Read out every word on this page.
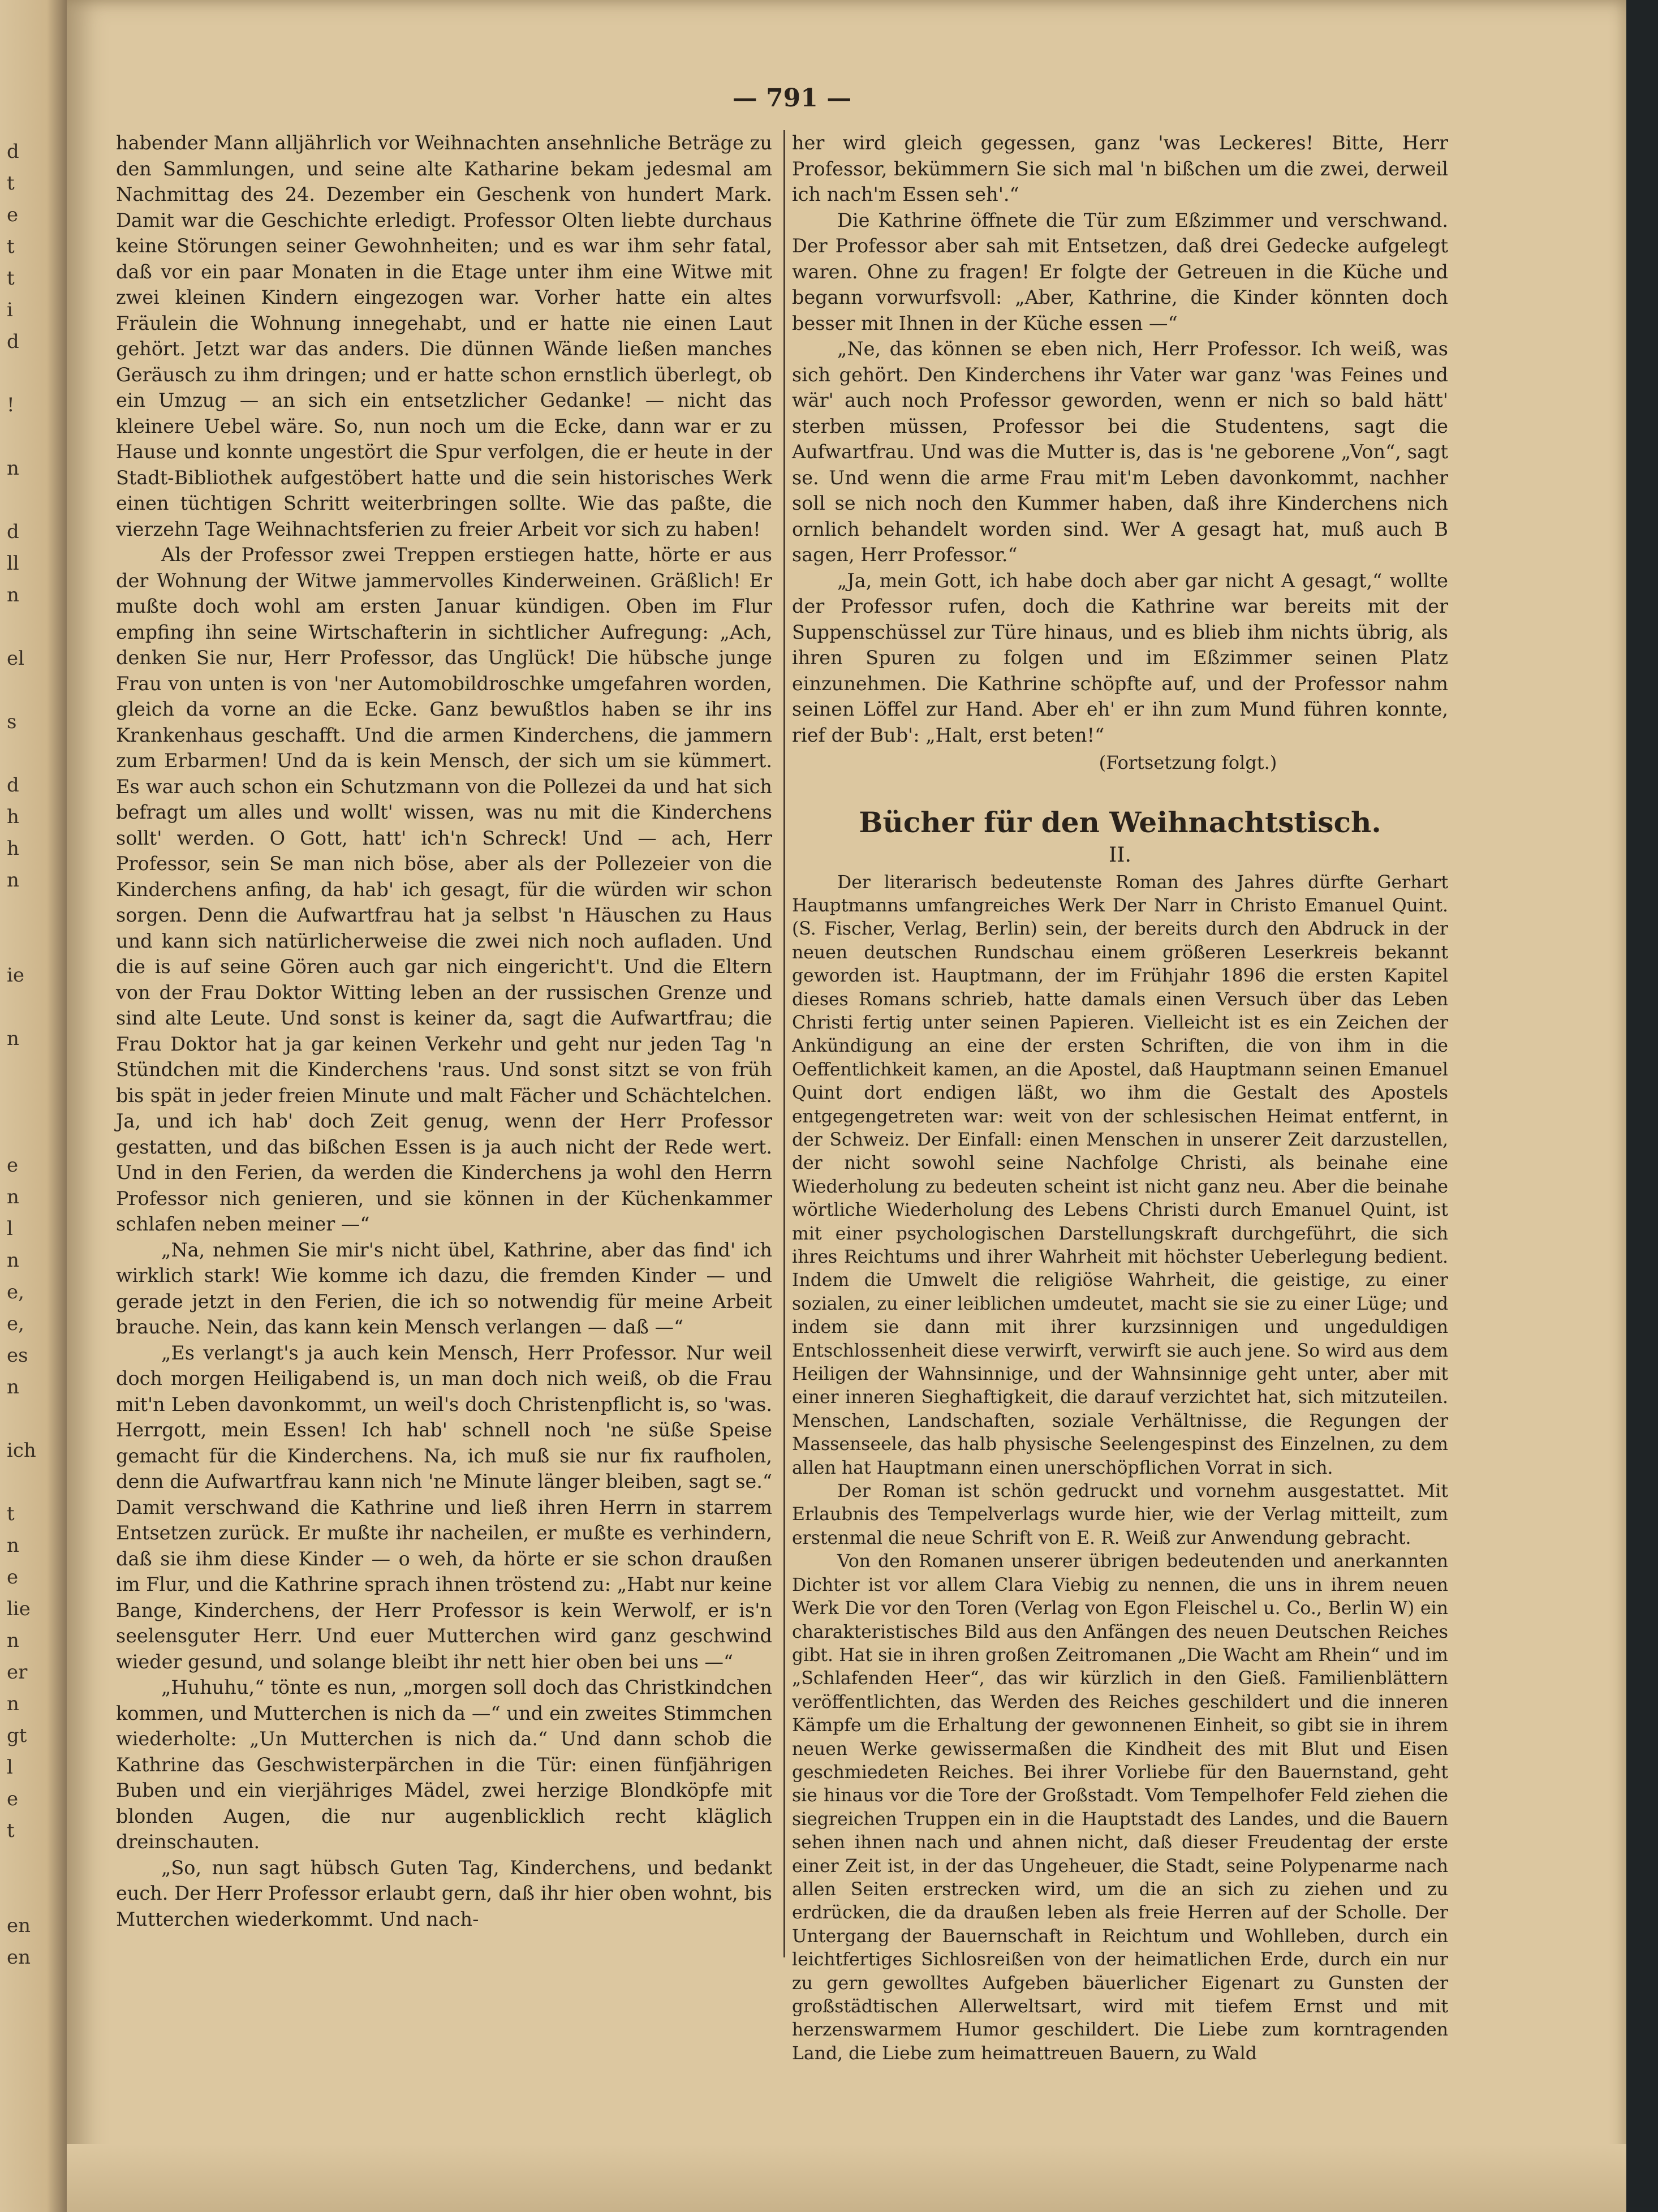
d
t
e
t
t
i
d

!

n

d
ll
n

el

s

d
h
h
n

ie

n

e
n
l
n
e,
e,
es
n

ich

t
n
e
lie
n
er
n
gt
l
e
t

en
en
— 791 —

habender Mann alljährlich vor Weihnachten ansehnliche Beträge zu den Sammlungen, und seine alte Katharine bekam jedesmal am Nachmittag des 24. Dezember ein Geschenk von hundert Mark. Damit war die Geschichte erledigt. Professor Olten liebte durchaus keine Störungen seiner Gewohnheiten; und es war ihm sehr fatal, daß vor ein paar Monaten in die Etage unter ihm eine Witwe mit zwei kleinen Kindern eingezogen war. Vorher hatte ein altes Fräulein die Wohnung innegehabt, und er hatte nie einen Laut gehört. Jetzt war das anders. Die dünnen Wände ließen manches Geräusch zu ihm dringen; und er hatte schon ernstlich überlegt, ob ein Umzug — an sich ein entsetzlicher Gedanke! — nicht das kleinere Uebel wäre. So, nun noch um die Ecke, dann war er zu Hause und konnte ungestört die Spur verfolgen, die er heute in der Stadt-Bibliothek aufgestöbert hatte und die sein historisches Werk einen tüchtigen Schritt weiterbringen sollte. Wie das paßte, die vierzehn Tage Weihnachtsferien zu freier Arbeit vor sich zu haben!

Als der Professor zwei Treppen erstiegen hatte, hörte er aus der Wohnung der Witwe jammervolles Kinderweinen. Gräßlich! Er mußte doch wohl am ersten Januar kündigen. Oben im Flur empfing ihn seine Wirtschafterin in sichtlicher Aufregung: „Ach, denken Sie nur, Herr Professor, das Unglück! Die hübsche junge Frau von unten is von 'ner Automobildroschke umgefahren worden, gleich da vorne an die Ecke. Ganz bewußtlos haben se ihr ins Krankenhaus geschafft. Und die armen Kinderchens, die jammern zum Erbarmen! Und da is kein Mensch, der sich um sie kümmert. Es war auch schon ein Schutzmann von die Pollezei da und hat sich befragt um alles und wollt' wissen, was nu mit die Kinderchens sollt' werden. O Gott, hatt' ich'n Schreck! Und — ach, Herr Professor, sein Se man nich böse, aber als der Pollezeier von die Kinderchens anfing, da hab' ich gesagt, für die würden wir schon sorgen. Denn die Aufwartfrau hat ja selbst 'n Häuschen zu Haus und kann sich natürlicherweise die zwei nich noch aufladen. Und die is auf seine Gören auch gar nich eingericht't. Und die Eltern von der Frau Doktor Witting leben an der russischen Grenze und sind alte Leute. Und sonst is keiner da, sagt die Aufwartfrau; die Frau Doktor hat ja gar keinen Verkehr und geht nur jeden Tag 'n Stündchen mit die Kinderchens 'raus. Und sonst sitzt se von früh bis spät in jeder freien Minute und malt Fächer und Schächtelchen. Ja, und ich hab' doch Zeit genug, wenn der Herr Professor gestatten, und das bißchen Essen is ja auch nicht der Rede wert. Und in den Ferien, da werden die Kinderchens ja wohl den Herrn Professor nich genieren, und sie können in der Küchenkammer schlafen neben meiner —“

„Na, nehmen Sie mir's nicht übel, Kathrine, aber das find' ich wirklich stark! Wie komme ich dazu, die fremden Kinder — und gerade jetzt in den Ferien, die ich so notwendig für meine Arbeit brauche. Nein, das kann kein Mensch verlangen — daß —“

„Es verlangt's ja auch kein Mensch, Herr Professor. Nur weil doch morgen Heiligabend is, un man doch nich weiß, ob die Frau mit'n Leben davonkommt, un weil's doch Christenpflicht is, so 'was. Herrgott, mein Essen! Ich hab' schnell noch 'ne süße Speise gemacht für die Kinderchens. Na, ich muß sie nur fix raufholen, denn die Aufwartfrau kann nich 'ne Minute länger bleiben, sagt se.“ Damit verschwand die Kathrine und ließ ihren Herrn in starrem Entsetzen zurück. Er mußte ihr nacheilen, er mußte es verhindern, daß sie ihm diese Kinder — o weh, da hörte er sie schon draußen im Flur, und die Kathrine sprach ihnen tröstend zu: „Habt nur keine Bange, Kinderchens, der Herr Professor is kein Werwolf, er is'n seelensguter Herr. Und euer Mutterchen wird ganz geschwind wieder gesund, und solange bleibt ihr nett hier oben bei uns —“

„Huhuhu,“ tönte es nun, „morgen soll doch das Christkindchen kommen, und Mutterchen is nich da —“ und ein zweites Stimmchen wiederholte: „Un Mutterchen is nich da.“ Und dann schob die Kathrine das Geschwisterpärchen in die Tür: einen fünfjährigen Buben und ein vierjähriges Mädel, zwei herzige Blondköpfe mit blonden Augen, die nur augenblicklich recht kläglich dreinschauten.

„So, nun sagt hübsch Guten Tag, Kinderchens, und bedankt euch. Der Herr Professor erlaubt gern, daß ihr hier oben wohnt, bis Mutterchen wiederkommt. Und nach-

her wird gleich gegessen, ganz 'was Leckeres! Bitte, Herr Professor, bekümmern Sie sich mal 'n bißchen um die zwei, derweil ich nach'm Essen seh'.“

Die Kathrine öffnete die Tür zum Eßzimmer und verschwand. Der Professor aber sah mit Entsetzen, daß drei Gedecke aufgelegt waren. Ohne zu fragen! Er folgte der Getreuen in die Küche und begann vorwurfsvoll: „Aber, Kathrine, die Kinder könnten doch besser mit Ihnen in der Küche essen —“

„Ne, das können se eben nich, Herr Professor. Ich weiß, was sich gehört. Den Kinderchens ihr Vater war ganz 'was Feines und wär' auch noch Professor geworden, wenn er nich so bald hätt' sterben müssen, Professor bei die Studentens, sagt die Aufwartfrau. Und was die Mutter is, das is 'ne geborene „Von“, sagt se. Und wenn die arme Frau mit'm Leben davonkommt, nachher soll se nich noch den Kummer haben, daß ihre Kinderchens nich ornlich behandelt worden sind. Wer A gesagt hat, muß auch B sagen, Herr Professor.“

„Ja, mein Gott, ich habe doch aber gar nicht A gesagt,“ wollte der Professor rufen, doch die Kathrine war bereits mit der Suppenschüssel zur Türe hinaus, und es blieb ihm nichts übrig, als ihren Spuren zu folgen und im Eßzimmer seinen Platz einzunehmen. Die Kathrine schöpfte auf, und der Professor nahm seinen Löffel zur Hand. Aber eh' er ihn zum Mund führen konnte, rief der Bub': „Halt, erst beten!“

(Fortsetzung folgt.)
Bücher für den Weihnachtstisch.
II.

Der literarisch bedeutenste Roman des Jahres dürfte Gerhart Hauptmanns umfangreiches Werk Der Narr in Christo Emanuel Quint. (S. Fischer, Verlag, Berlin) sein, der bereits durch den Abdruck in der neuen deutschen Rundschau einem größeren Leserkreis bekannt geworden ist. Hauptmann, der im Frühjahr 1896 die ersten Kapitel dieses Romans schrieb, hatte damals einen Versuch über das Leben Christi fertig unter seinen Papieren. Vielleicht ist es ein Zeichen der Ankündigung an eine der ersten Schriften, die von ihm in die Oeffentlichkeit kamen, an die Apostel, daß Hauptmann seinen Emanuel Quint dort endigen läßt, wo ihm die Gestalt des Apostels entgegengetreten war: weit von der schlesischen Heimat entfernt, in der Schweiz. Der Einfall: einen Menschen in unserer Zeit darzustellen, der nicht sowohl seine Nachfolge Christi, als beinahe eine Wiederholung zu bedeuten scheint ist nicht ganz neu. Aber die beinahe wörtliche Wiederholung des Lebens Christi durch Emanuel Quint, ist mit einer psychologischen Darstellungskraft durchgeführt, die sich ihres Reichtums und ihrer Wahrheit mit höchster Ueberlegung bedient. Indem die Umwelt die religiöse Wahrheit, die geistige, zu einer sozialen, zu einer leiblichen umdeutet, macht sie sie zu einer Lüge; und indem sie dann mit ihrer kurzsinnigen und ungeduldigen Entschlossenheit diese verwirft, verwirft sie auch jene. So wird aus dem Heiligen der Wahnsinnige, und der Wahnsinnige geht unter, aber mit einer inneren Sieghaftigkeit, die darauf verzichtet hat, sich mitzuteilen. Menschen, Landschaften, soziale Verhältnisse, die Regungen der Massenseele, das halb physische Seelengespinst des Einzelnen, zu dem allen hat Hauptmann einen unerschöpflichen Vorrat in sich.

Der Roman ist schön gedruckt und vornehm ausgestattet. Mit Erlaubnis des Tempelverlags wurde hier, wie der Verlag mitteilt, zum erstenmal die neue Schrift von E. R. Weiß zur Anwendung gebracht.

Von den Romanen unserer übrigen bedeutenden und anerkannten Dichter ist vor allem Clara Viebig zu nennen, die uns in ihrem neuen Werk Die vor den Toren (Verlag von Egon Fleischel u. Co., Berlin W) ein charakteristisches Bild aus den Anfängen des neuen Deutschen Reiches gibt. Hat sie in ihren großen Zeitromanen „Die Wacht am Rhein“ und im „Schlafenden Heer“, das wir kürzlich in den Gieß. Familienblättern veröffentlichten, das Werden des Reiches geschildert und die inneren Kämpfe um die Erhaltung der gewonnenen Einheit, so gibt sie in ihrem neuen Werke gewissermaßen die Kindheit des mit Blut und Eisen geschmiedeten Reiches. Bei ihrer Vorliebe für den Bauernstand, geht sie hinaus vor die Tore der Großstadt. Vom Tempelhofer Feld ziehen die siegreichen Truppen ein in die Hauptstadt des Landes, und die Bauern sehen ihnen nach und ahnen nicht, daß dieser Freudentag der erste einer Zeit ist, in der das Ungeheuer, die Stadt, seine Polypenarme nach allen Seiten erstrecken wird, um die an sich zu ziehen und zu erdrücken, die da draußen leben als freie Herren auf der Scholle. Der Untergang der Bauernschaft in Reichtum und Wohlleben, durch ein leichtfertiges Sichlosreißen von der heimatlichen Erde, durch ein nur zu gern gewolltes Aufgeben bäuerlicher Eigenart zu Gunsten der großstädtischen Allerweltsart, wird mit tiefem Ernst und mit herzenswarmem Humor geschildert. Die Liebe zum korntragenden Land, die Liebe zum heimattreuen Bauern, zu Wald
